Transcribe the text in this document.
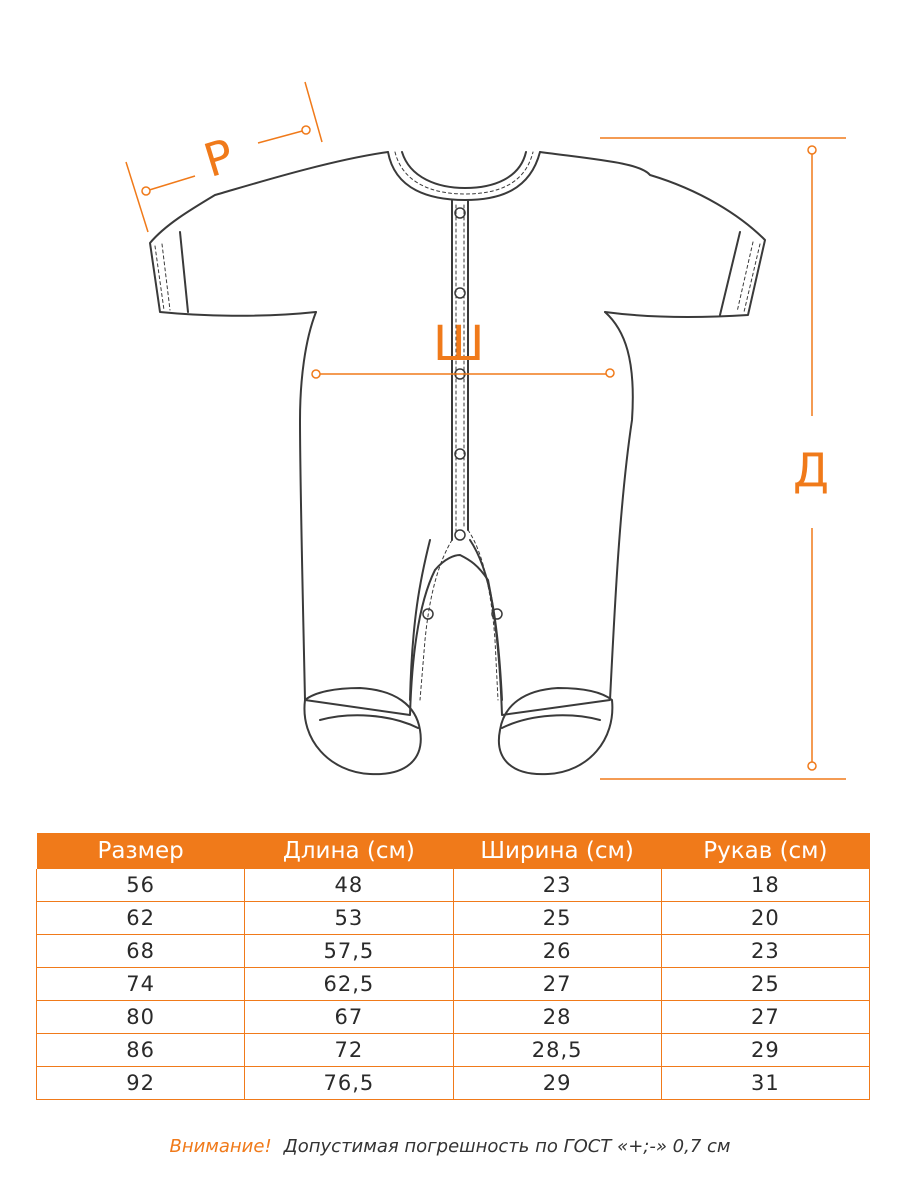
Р
Ш
Д
Размер	Длина (см)	Ширина (см)	Рукав (см)
56	48	23	18
62	53	25	20
68	57,5	26	23
74	62,5	27	25
80	67	28	27
86	72	28,5	29
92	76,5	29	31
Внимание! Допустимая погрешность по ГОСТ «+;-» 0,7 см
